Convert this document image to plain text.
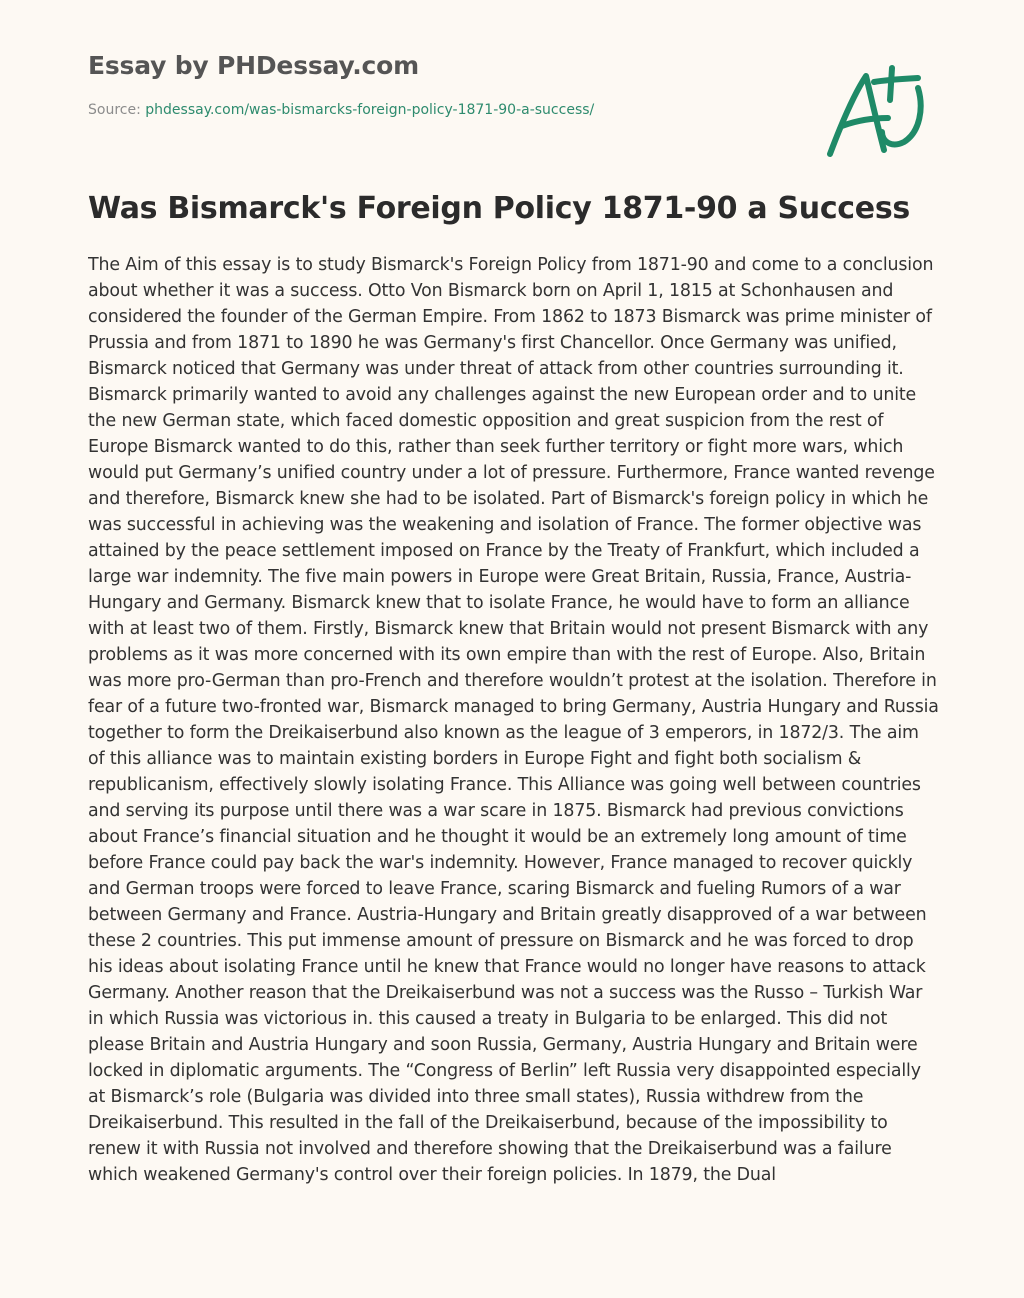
Essay by PHDessay.com
Source: phdessay.com/was-bismarcks-foreign-policy-1871-90-a-success/
Was Bismarck's Foreign Policy 1871-90 a Success

The Aim of this essay is to study Bismarck's Foreign Policy from 1871-90 and come to a conclusion about whether it was a success. Otto Von Bismarck born on April 1, 1815 at Schonhausen and considered the founder of the German Empire. From 1862 to 1873 Bismarck was prime minister of Prussia and from 1871 to 1890 he was Germany's first Chancellor. Once Germany was unified, Bismarck noticed that Germany was under threat of attack from other countries surrounding it. Bismarck primarily wanted to avoid any challenges against the new European order and to unite the new German state, which faced domestic opposition and great suspicion from the rest of Europe Bismarck wanted to do this, rather than seek further territory or fight more wars, which would put Germany’s unified country under a lot of pressure. Furthermore, France wanted revenge and therefore, Bismarck knew she had to be isolated. Part of Bismarck's foreign policy in which he was successful in achieving was the weakening and isolation of France. The former objective was attained by the peace settlement imposed on France by the Treaty of Frankfurt, which included a large war indemnity. The five main powers in Europe were Great Britain, Russia, France, Austria- Hungary and Germany. Bismarck knew that to isolate France, he would have to form an alliance with at least two of them. Firstly, Bismarck knew that Britain would not present Bismarck with any problems as it was more concerned with its own empire than with the rest of Europe. Also, Britain was more pro-German than pro-French and therefore wouldn’t protest at the isolation. Therefore in fear of a future two-fronted war, Bismarck managed to bring Germany, Austria Hungary and Russia together to form the Dreikaiserbund also known as the league of 3 emperors, in 1872/3. The aim of this alliance was to maintain existing borders in Europe Fight and fight both socialism & republicanism, effectively slowly isolating France. This Alliance was going well between countries and serving its purpose until there was a war scare in 1875. Bismarck had previous convictions about France’s financial situation and he thought it would be an extremely long amount of time before France could pay back the war's indemnity. However, France managed to recover quickly and German troops were forced to leave France, scaring Bismarck and fueling Rumors of a war between Germany and France. Austria-Hungary and Britain greatly disapproved of a war between these 2 countries. This put immense amount of pressure on Bismarck and he was forced to drop his ideas about isolating France until he knew that France would no longer have reasons to attack Germany. Another reason that the Dreikaiserbund was not a success was the Russo – Turkish War in which Russia was victorious in. this caused a treaty in Bulgaria to be enlarged. This did not please Britain and Austria Hungary and soon Russia, Germany, Austria Hungary and Britain were locked in diplomatic arguments. The “Congress of Berlin” left Russia very disappointed especially at Bismarck’s role (Bulgaria was divided into three small states), Russia withdrew from the Dreikaiserbund. This resulted in the fall of the Dreikaiserbund, because of the impossibility to renew it with Russia not involved and therefore showing that the Dreikaiserbund was a failure which weakened Germany's control over their foreign policies. In 1879, the Dual
